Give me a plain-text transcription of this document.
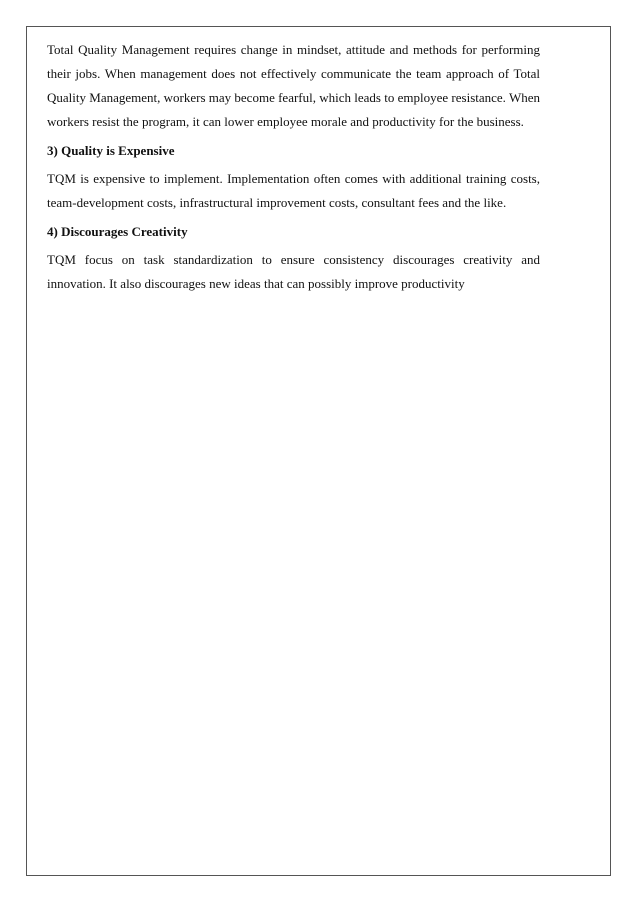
Total Quality Management requires change in mindset, attitude and methods for performing their jobs. When management does not effectively communicate the team approach of Total Quality Management, workers may become fearful, which leads to employee resistance. When workers resist the program, it can lower employee morale and productivity for the business.

3) Quality is Expensive

TQM is expensive to implement. Implementation often comes with additional training costs, team-development costs, infrastructural improvement costs, consultant fees and the like.

4) Discourages Creativity

TQM focus on task standardization to ensure consistency discourages creativity and innovation. It also discourages new ideas that can possibly improve productivity
